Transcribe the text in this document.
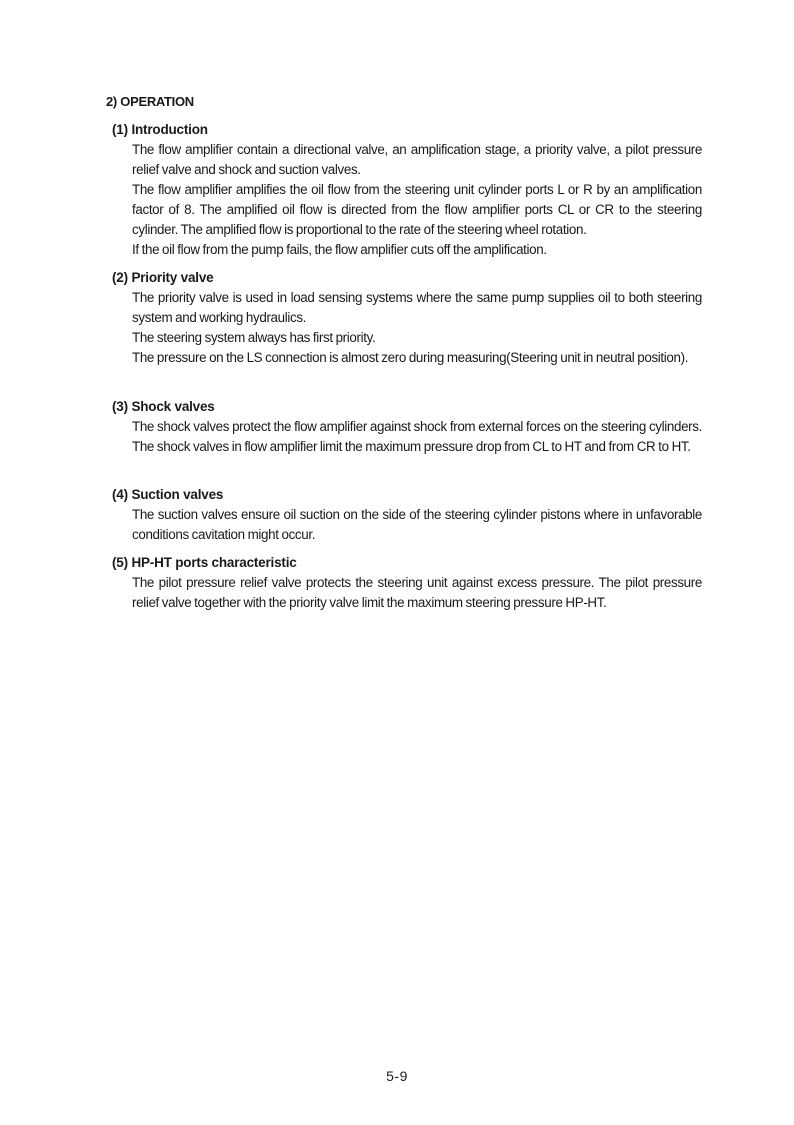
2) OPERATION
(1) Introduction
The flow amplifier contain a directional valve, an amplification stage, a priority valve, a pilot pressure relief valve and shock and suction valves.
The flow amplifier amplifies the oil flow from the steering unit cylinder ports L or R by an amplification factor of 8. The amplified oil flow is directed from the flow amplifier ports CL or CR to the steering cylinder. The amplified flow is proportional to the rate of the steering wheel rotation.
If the oil flow from the pump fails, the flow amplifier cuts off the amplification.
(2) Priority valve
The priority valve is used in load sensing systems where the same pump supplies oil to both steering system and working hydraulics.
The steering system always has first priority.
The pressure on the LS connection is almost zero during measuring(Steering unit in neutral position).
(3) Shock valves
The shock valves protect the flow amplifier against shock from external forces on the steering cylinders. The shock valves in flow amplifier limit the maximum pressure drop from CL to HT and from CR to HT.
(4) Suction valves
The suction valves ensure oil suction on the side of the steering cylinder pistons where in unfavorable conditions cavitation might occur.
(5) HP-HT ports characteristic
The pilot pressure relief valve protects the steering unit against excess pressure. The pilot pressure relief valve together with the priority valve limit the maximum steering pressure HP-HT.
5-9
